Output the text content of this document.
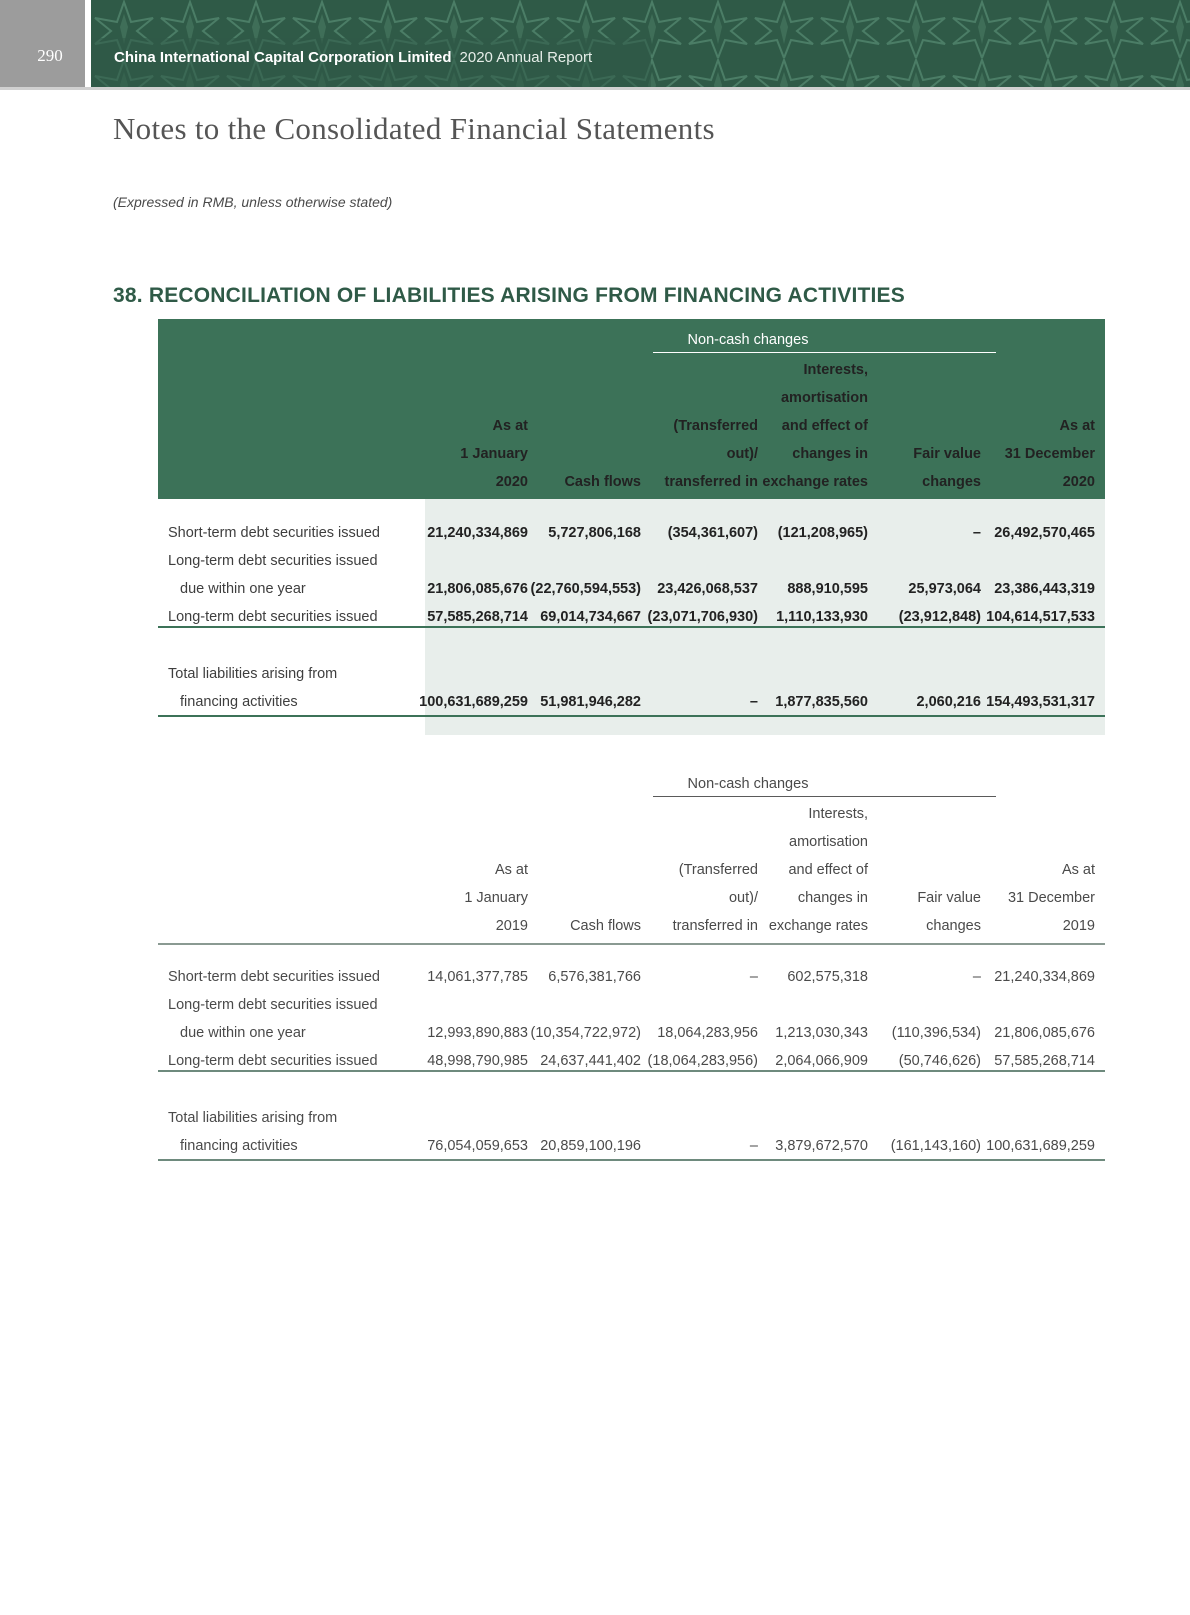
290	China International Capital Corporation Limited 2020 Annual Report
Notes to the Consolidated Financial Statements
(Expressed in RMB, unless otherwise stated)
38. RECONCILIATION OF LIABILITIES ARISING FROM FINANCING ACTIVITIES
Non-cash changes
As at
1 January
2020	Cash flows
(Transferred
out)/
transferred in
Interests,
amortisation
and effect of
changes in
exchange rates
Fair value
changes
As at
31 December
2020
Short-term debt securities issued	21,240,334,869	5,727,806,168	(354,361,607)	(121,208,965)	– 26,492,570,465
Long-term debt securities issued
due within one year	21,806,085,676 (22,760,594,553)	23,426,068,537	888,910,595	25,973,064 23,386,443,319
Long-term debt securities issued	57,585,268,714 69,014,734,667 (23,071,706,930)	1,110,133,930	(23,912,848) 104,614,517,533
Total liabilities arising from
financing activities	100,631,689,259 51,981,946,282	–	1,877,835,560	2,060,216 154,493,531,317
Non-cash changes
As at
1 January
2019	Cash flows
(Transferred
out)/
transferred in
Interests,
amortisation
and effect of
changes in
exchange rates
Fair value
changes
As at
31 December
2019
Short-term debt securities issued	14,061,377,785	6,576,381,766	–	602,575,318	– 21,240,334,869
Long-term debt securities issued
due within one year	12,993,890,883 (10,354,722,972)	18,064,283,956	1,213,030,343	(110,396,534) 21,806,085,676
Long-term debt securities issued	48,998,790,985 24,637,441,402 (18,064,283,956)	2,064,066,909	(50,746,626) 57,585,268,714
Total liabilities arising from
financing activities	76,054,059,653 20,859,100,196	–	3,879,672,570	(161,143,160) 100,631,689,259
